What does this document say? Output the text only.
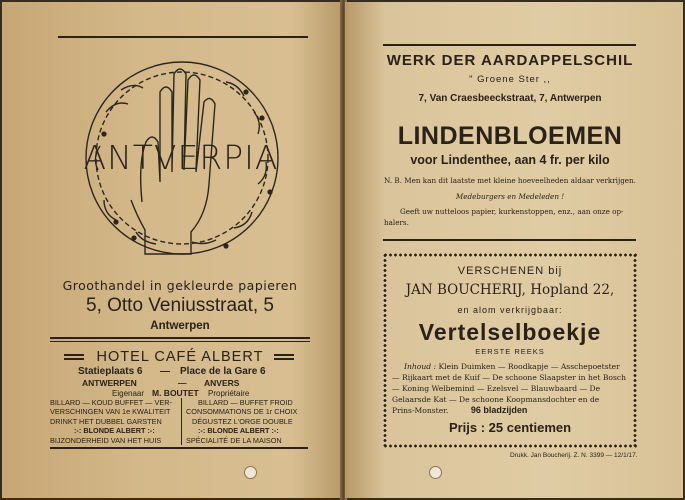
ANTVERPIA
Groothandel in gekleurde papieren
5, Otto Veniusstraat, 5
Antwerpen
HOTEL CAFÉ ALBERT
Statieplaats 6 — Place de la Gare 6
ANTWERPEN	— ANVERS
Eigenaar M. BOUTET Propriétaire
BILLARD — KOUD BUFFET — VER-
VERSCHINGEN VAN 1e KWALITEIT
DRINKT HET DUBBEL GARSTEN
:-: BLONDE ALBERT :-:
BIJZONDERHEID VAN HET HUIS
BILLARD — BUFFET FROID
CONSOMMATIONS DE 1r CHOIX
DÉGUSTEZ L'ORGE DOUBLE
:-: BLONDE ALBERT :-:
SPÉCIALITÉ DE LA MAISON
WERK DER AARDAPPELSCHIL
" Groene Ster ,,
7, Van Craesbeeckstraat, 7, Antwerpen
LINDENBLOEMEN
voor Lindenthee, aan 4 fr. per kilo
N. B. Men kan dit laatste met kleine hoeveelheden aldaar verkrijgen.
Medeburgers en Medeleden !
Geeft uw nutteloos papier, kurkenstoppen, enz., aan onze op-
halers.
VERSCHENEN bij
JAN BOUCHERIJ, Hopland 22,
en alom verkrijgbaar:
Vertelselboekje
EERSTE REEKS
Inhoud : Klein Duimken — Roodkapje — Asschepoetster
— Rijkaart met de Kuif — De schoone Slaapster in het Bosch
— Koning Welbemind — Ezelsvel — Blauwbaard — De
Gelaarsde Kat — De schoone Koopmansdochter en de
Prins-Monster. 96 bladzijden
Prijs : 25 centiemen
Drukk. Jan Boucherij. Z. N. 3399 — 12/1/17.
